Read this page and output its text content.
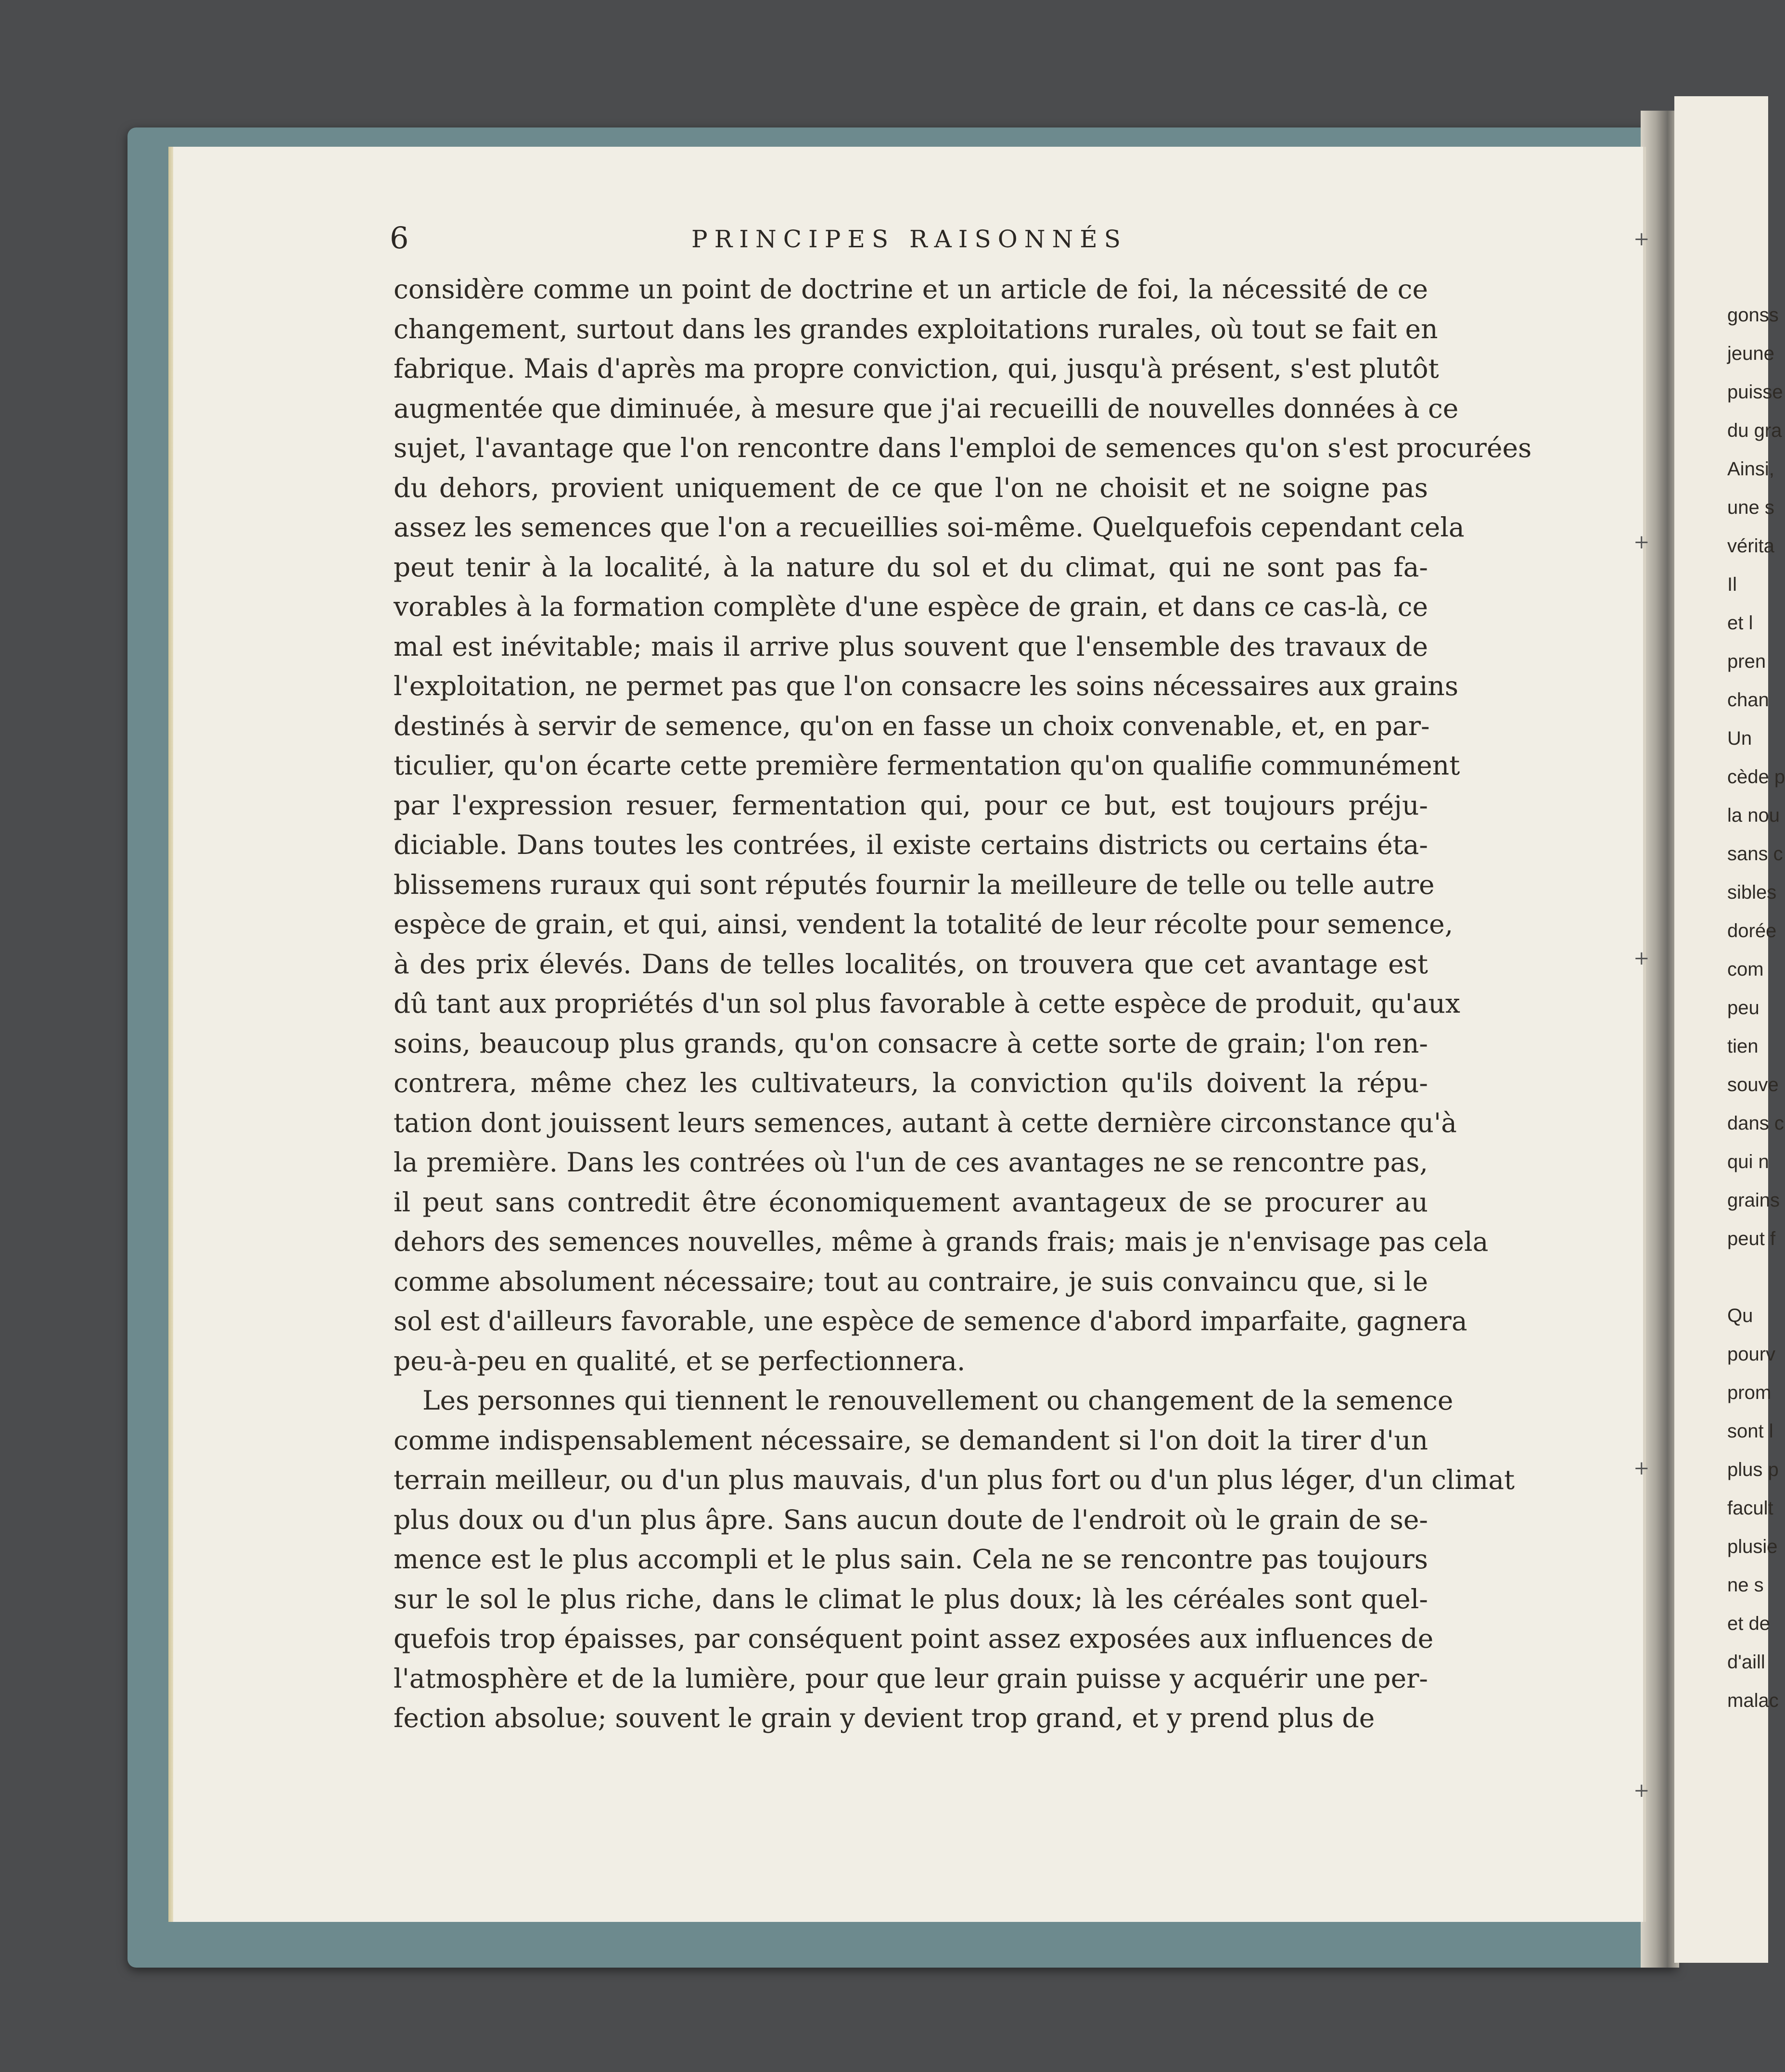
6	PRINCIPES RAISONNÉS
considère comme un point de doctrine et un article de foi, la nécessité de ce
changement, surtout dans les grandes exploitations rurales, où tout se fait en
fabrique. Mais d'après ma propre conviction, qui, jusqu'à présent, s'est plutôt
augmentée que diminuée, à mesure que j'ai recueilli de nouvelles données à ce
sujet, l'avantage que l'on rencontre dans l'emploi de semences qu'on s'est procurées
du dehors, provient uniquement de ce que l'on ne choisit et ne soigne pas
assez les semences que l'on a recueillies soi-même. Quelquefois cependant cela
peut tenir à la localité, à la nature du sol et du climat, qui ne sont pas fa-
vorables à la formation complète d'une espèce de grain, et dans ce cas-là, ce
mal est inévitable; mais il arrive plus souvent que l'ensemble des travaux de
l'exploitation, ne permet pas que l'on consacre les soins nécessaires aux grains
destinés à servir de semence, qu'on en fasse un choix convenable, et, en par-
ticulier, qu'on écarte cette première fermentation qu'on qualifie communément
par l'expression resuer, fermentation qui, pour ce but, est toujours préju-
diciable. Dans toutes les contrées, il existe certains districts ou certains éta-
blissemens ruraux qui sont réputés fournir la meilleure de telle ou telle autre
espèce de grain, et qui, ainsi, vendent la totalité de leur récolte pour semence,
à des prix élevés. Dans de telles localités, on trouvera que cet avantage est
dû tant aux propriétés d'un sol plus favorable à cette espèce de produit, qu'aux
soins, beaucoup plus grands, qu'on consacre à cette sorte de grain; l'on ren-
contrera, même chez les cultivateurs, la conviction qu'ils doivent la répu-
tation dont jouissent leurs semences, autant à cette dernière circonstance qu'à
la première. Dans les contrées où l'un de ces avantages ne se rencontre pas,
il peut sans contredit être économiquement avantageux de se procurer au
dehors des semences nouvelles, même à grands frais; mais je n'envisage pas cela
comme absolument nécessaire; tout au contraire, je suis convaincu que, si le
sol est d'ailleurs favorable, une espèce de semence d'abord imparfaite, gagnera
peu-à-peu en qualité, et se perfectionnera.
Les personnes qui tiennent le renouvellement ou changement de la semence
comme indispensablement nécessaire, se demandent si l'on doit la tirer d'un
terrain meilleur, ou d'un plus mauvais, d'un plus fort ou d'un plus léger, d'un climat
plus doux ou d'un plus âpre. Sans aucun doute de l'endroit où le grain de se-
mence est le plus accompli et le plus sain. Cela ne se rencontre pas toujours
sur le sol le plus riche, dans le climat le plus doux; là les céréales sont quel-
quefois trop épaisses, par conséquent point assez exposées aux influences de
l'atmosphère et de la lumière, pour que leur grain puisse y acquérir une per-
fection absolue; souvent le grain y devient trop grand, et y prend plus de
gonss
jeune
puisse
du gra
Ainsi,
une s
vérita
Il
et l
pren
chan
Un
cède p
la nou
sans c
sibles
dorée
com
peu
tien
souve
dans c
qui n
grains
peut f
Qu
pourv
prom
sont l
plus p
facult
plusie
ne s
et de
d'aill
malac
+
+
+
+
+
